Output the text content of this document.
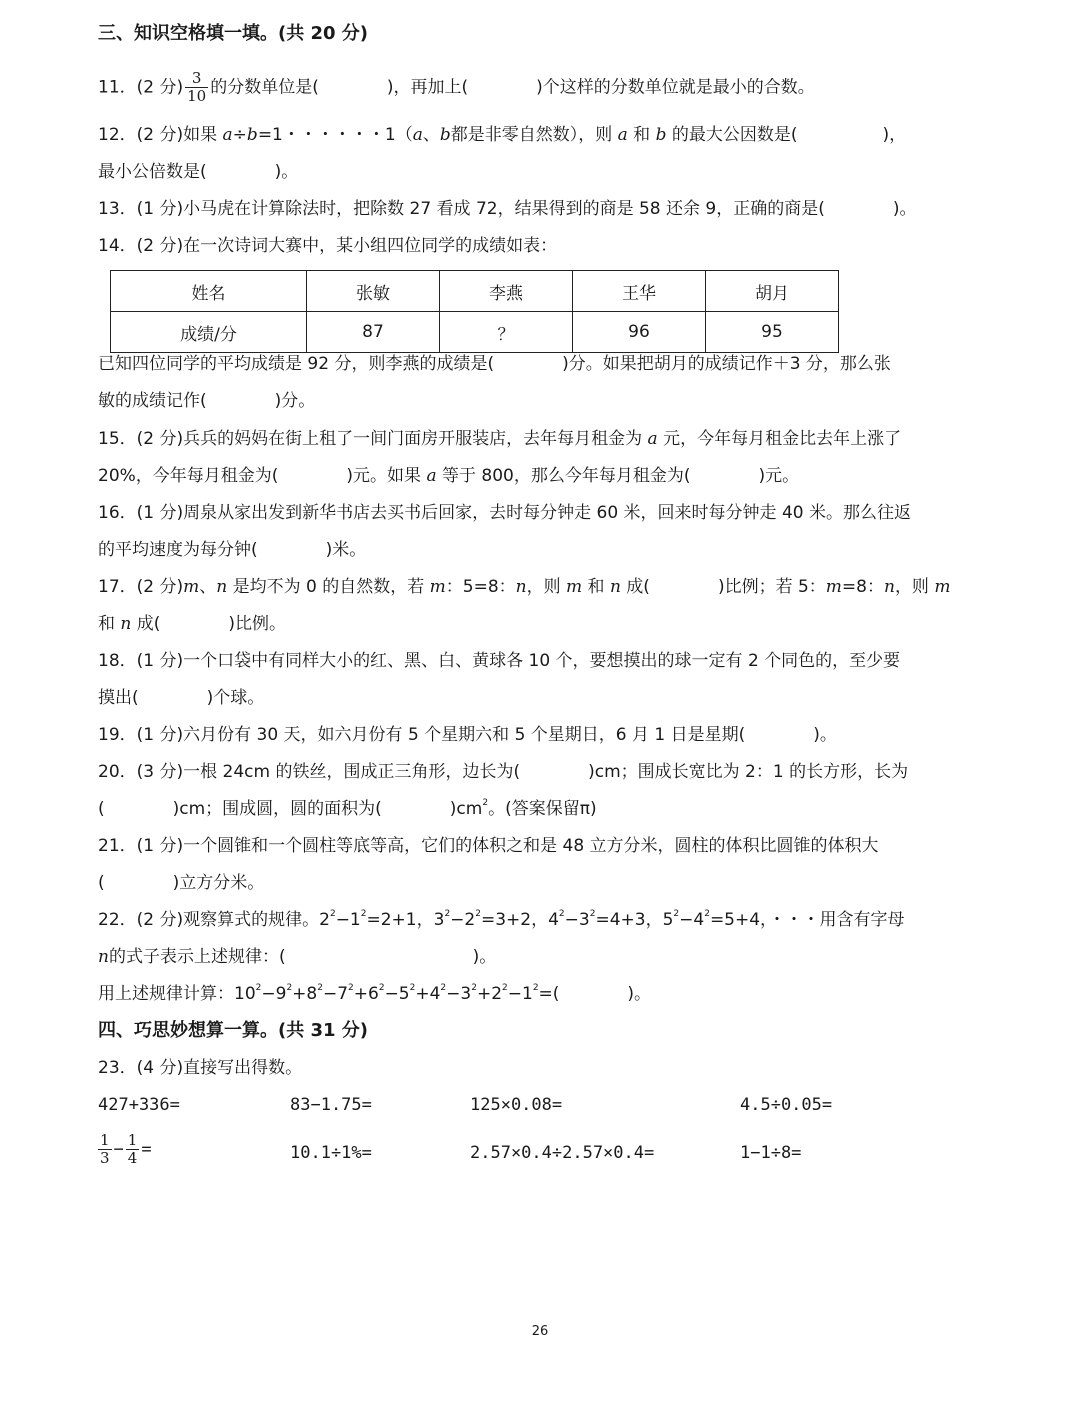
三、知识空格填一填。(共 20 分)
11．(2 分) $\frac{3}{10}$ 的分数单位是(　　　　)，再加上(　　　　)个这样的分数单位就是最小的合数。
12．(2 分)如果 a÷b=1・・・・・・1（a、b都是非零自然数），则 a 和 b 的最大公因数是(　　　　　)，
最小公倍数是(　　　　)。
13．(1 分)小马虎在计算除法时，把除数 27 看成 72，结果得到的商是 58 还余 9，正确的商是(　　　　)。
14．(2 分)在一次诗词大赛中，某小组四位同学的成绩如表：
姓名	张敏	李燕	王华	胡月
成绩/分	87	？	96	95
已知四位同学的平均成绩是 92 分，则李燕的成绩是(　　　　)分。如果把胡月的成绩记作＋3 分，那么张
敏的成绩记作(　　　　)分。
15．(2 分)兵兵的妈妈在街上租了一间门面房开服装店，去年每月租金为 a 元，今年每月租金比去年上涨了
20%，今年每月租金为(　　　　)元。如果 a 等于 800，那么今年每月租金为(　　　　)元。
16．(1 分)周泉从家出发到新华书店去买书后回家，去时每分钟走 60 米，回来时每分钟走 40 米。那么往返
的平均速度为每分钟(　　　　)米。
17．(2 分)m、n 是均不为 0 的自然数，若 m：5=8：n，则 m 和 n 成(　　　　)比例；若 5：m=8：n，则 m
和 n 成(　　　　)比例。
18．(1 分)一个口袋中有同样大小的红、黑、白、黄球各 10 个，要想摸出的球一定有 2 个同色的，至少要
摸出(　　　　)个球。
19．(1 分)六月份有 30 天，如六月份有 5 个星期六和 5 个星期日，6 月 1 日是星期(　　　　)。
20．(3 分)一根 24cm 的铁丝，围成正三角形，边长为(　　　　)cm；围成长宽比为 2：1 的长方形，长为
(　　　　)cm；围成圆，圆的面积为(　　　　)$cm^2$。(答案保留π)
21．(1 分)一个圆锥和一个圆柱等底等高，它们的体积之和是 48 立方分米，圆柱的体积比圆锥的体积大
(　　　　)立方分米。
22．(2 分)观察算式的规律。$2^2-1^2=2+1$，$3^2-2^2=3+2$，$4^2-3^2=4+3$，$5^2-4^2=5+4$，・・・用含有字母
n的式子表示上述规律：(　　　　　　　　　　　)。
用上述规律计算：$10^2-9^2+8^2-7^2+6^2-5^2+4^2-3^2+2^2-1^2=$(　　　　)。
四、巧思妙想算一算。(共 31 分)
23．(4 分)直接写出得数。
427+336=	83−1.75=	125×0.08=	4.5÷0.05=
$\frac{1}{3} - \frac{1}{4}$ =	10.1÷1%=	2.57×0.4÷2.57×0.4=	1−1÷8=
26
